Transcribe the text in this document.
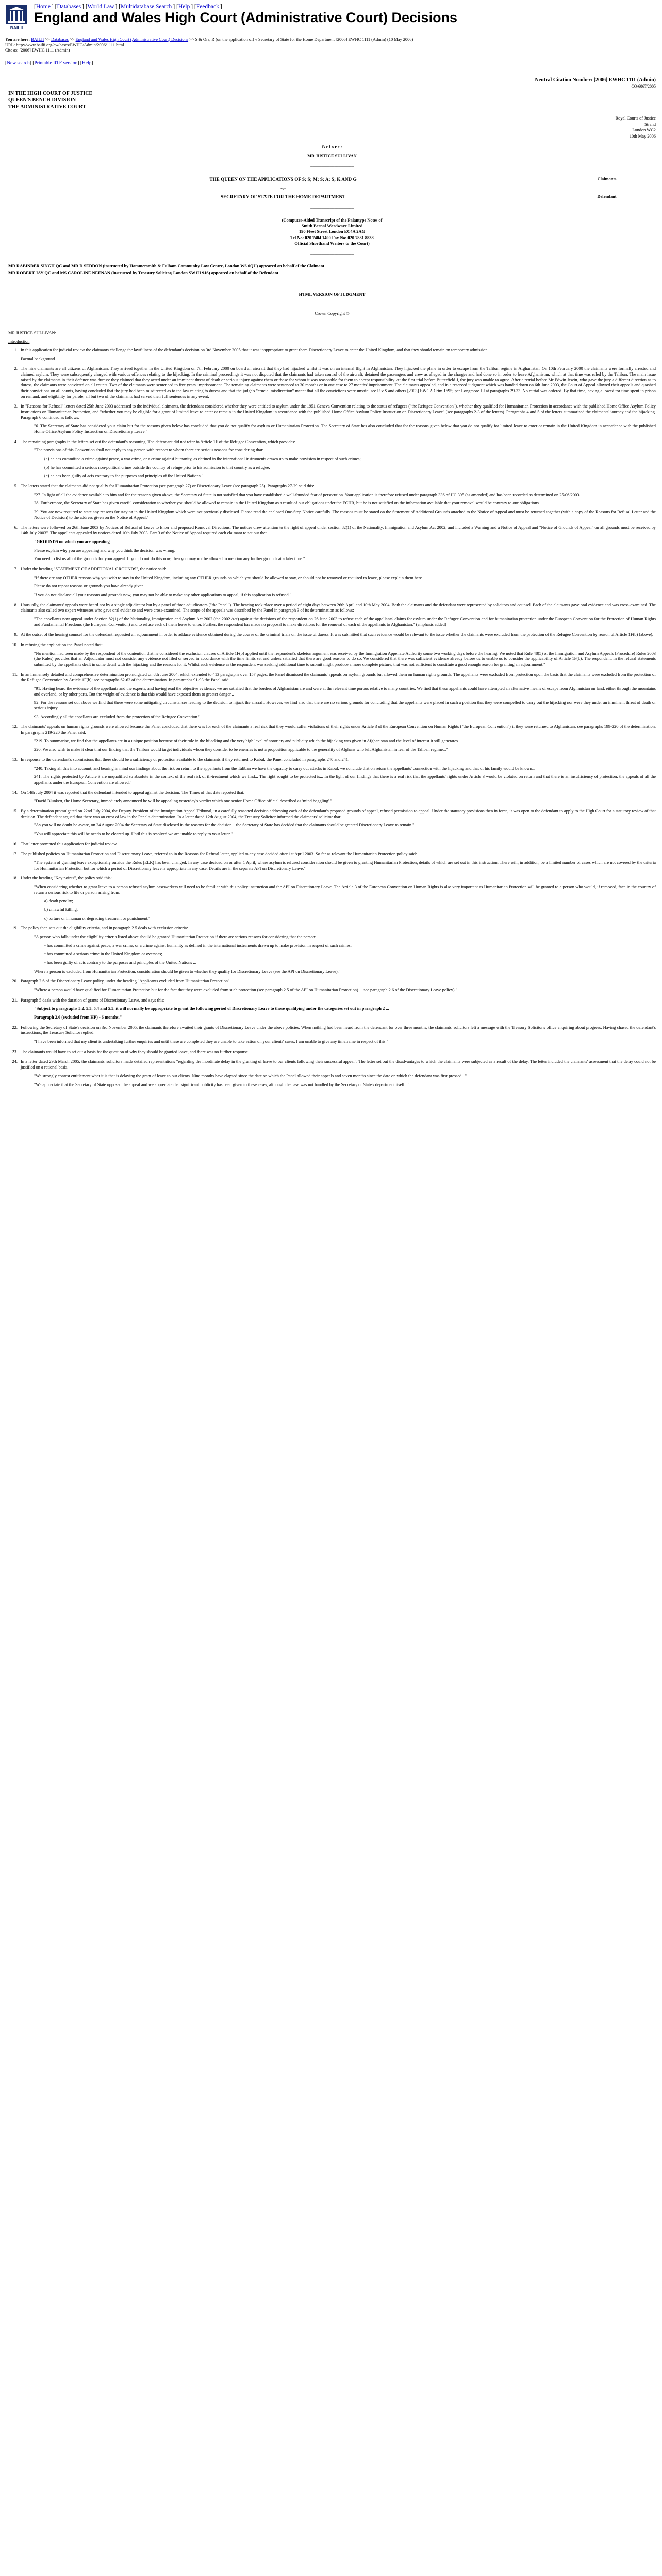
BAILII
[Home ] [Databases ] [World Law ] [Multidatabase Search ] [Help ] [Feedback ]
England and Wales High Court (Administrative Court) Decisions
You are here: BAILII >> Databases >> England and Wales High Court (Administrative Court) Decisions >> S & Ors, R (on the application of) v Secretary of State for the Home Department [2006] EWHC 1111 (Admin) (10 May 2006)
URL: http://www.bailii.org/ew/cases/EWHC/Admin/2006/1111.html
Cite as: [2006] EWHC 1111 (Admin)
[New search] [Printable RTF version] [Help]
Neutral Citation Number: [2006] EWHC 1111 (Admin)
CO/6067/2005
IN THE HIGH COURT OF JUSTICE
QUEEN'S BENCH DIVISION
THE ADMINISTRATIVE COURT
Royal Courts of Justice
Strand
London WC2
10th May 2006
B e f o r e :
MR JUSTICE SULLIVAN
____________________
THE QUEEN ON THE APPLICATIONS OF S; S; M; S; A; S; K AND G	Claimants
-v-
SECRETARY OF STATE FOR THE HOME DEPARTMENT	Defendant
____________________
(Computer-Aided Transcript of the Palantype Notes of
Smith Bernal Wordwave Limited
190 Fleet Street London EC4A 2AG
Tel No: 020 7404 1400 Fax No: 020 7831 8838
Official Shorthand Writers to the Court)
____________________
MR RABINDER SINGH QC and MR D SEDDON (instructed by Hammersmith & Fulham Community Law Centre, London W6 0QU) appeared on behalf of the Claimant
MR ROBERT JAY QC and MS CAROLINE NEENAN (instructed by Treasury Solicitor, London SW1H 9JS) appeared on behalf of the Defendant
____________________
HTML VERSION OF JUDGMENT
____________________
Crown Copyright ©
____________________

MR JUSTICE SULLIVAN:

Introduction

1. In this application for judicial review the claimants challenge the lawfulness of the defendant's decision on 3rd November 2005 that it was inappropriate to grant them Discretionary Leave to enter the United Kingdom, and that they should remain on temporary admission.

Factual background

2. The nine claimants are all citizens of Afghanistan. They arrived together in the United Kingdom on 7th February 2000 on board an aircraft that they had hijacked whilst it was on an internal flight in Afghanistan. They hijacked the plane in order to escape from the Taliban regime in Afghanistan. On 10th February 2000 the claimants were formally arrested and claimed asylum. They were subsequently charged with various offences relating to the hijacking. In the criminal proceedings it was not disputed that the claimants had taken control of the aircraft, detained the passengers and crew as alleged in the charges and had done so in order to leave Afghanistan, which at that time was ruled by the Taliban. The main issue raised by the claimants in their defence was duress: they claimed that they acted under an imminent threat of death or serious injury against them or those for whom it was reasonable for them to accept responsibility. At the first trial before Butterfield J, the jury was unable to agree. After a retrial before Mr Edwin Jewitt, who gave the jury a different direction as to duress, the claimants were convicted on all counts. Two of the claimants were sentenced to five years' imprisonment. The remaining claimants were sentenced to 30 months or in one case to 27 months' imprisonment. The claimants appealed, and in a reserved judgment which was handed down on 6th June 2003, the Court of Appeal allowed their appeals and quashed their convictions on all counts, having concluded that the jury had been misdirected as to the law relating to duress and that the judge's "crucial misdirection" meant that all the convictions were unsafe: see R v S and others [2003] EWCA Crim 1695; per Longmore LJ at paragraphs 29-33. No retrial was ordered. By that time, having allowed for time spent in prison on remand, and eligibility for parole, all but two of the claimants had served their full sentences in any event.
3. In "Reasons for Refusal" letters dated 25th June 2003 addressed to the individual claimants, the defendant considered whether they were entitled to asylum under the 1951 Geneva Convention relating to the status of refugees ("the Refugee Convention"), whether they qualified for Humanitarian Protection in accordance with the published Home Office Asylum Policy Instructions on Humanitarian Protection, and "whether you may be eligible for a grant of limited leave to enter or remain in the United Kingdom in accordance with the published Home Office Asylum Policy Instruction on Discretionary Leave" (see paragraphs 2-3 of the letters). Paragraphs 4 and 5 of the letters summarised the claimants' journey and the hijacking. Paragraph 6 continued as follows:
"6. The Secretary of State has considered your claim but for the reasons given below has concluded that you do not qualify for asylum or Humanitarian Protection. The Secretary of State has also concluded that for the reasons given below that you do not qualify for limited leave to enter or remain in the United Kingdom in accordance with the published Home Office Asylum Policy Instruction on Discretionary Leave."
4. The remaining paragraphs in the letters set out the defendant's reasoning. The defendant did not refer to Article 1F of the Refugee Convention, which provides:
"The provisions of this Convention shall not apply to any person with respect to whom there are serious reasons for considering that:
(a) he has committed a crime against peace, a war crime, or a crime against humanity, as defined in the international instruments drawn up to make provision in respect of such crimes;
(b) he has committed a serious non-political crime outside the country of refuge prior to his admission to that country as a refugee;
(c) he has been guilty of acts contrary to the purposes and principles of the United Nations."
5. The letters stated that the claimants did not qualify for Humanitarian Protection (see paragraph 27) or Discretionary Leave (see paragraph 25). Paragraphs 27-29 said this:
"27. In light of all the evidence available to him and for the reasons given above, the Secretary of State is not satisfied that you have established a well-founded fear of persecution. Your application is therefore refused under paragraph 336 of HC 395 (as amended) and has been recorded as determined on 25/06/2003.
28. Furthermore, the Secretary of State has given careful consideration to whether you should be allowed to remain in the United Kingdom as a result of our obligations under the ECHR, but he is not satisfied on the information available that your removal would be contrary to our obligations.
29. You are now required to state any reasons for staying in the United Kingdom which were not previously disclosed. Please read the enclosed One-Stop Notice carefully. The reasons must be stated on the Statement of Additional Grounds attached to the Notice of Appeal and must be returned together (with a copy of the Reasons for Refusal Letter and the Notice of Decision) to the address given on the Notice of Appeal."
6. The letters were followed on 26th June 2003 by Notices of Refusal of Leave to Enter and proposed Removal Directions. The notices drew attention to the right of appeal under section 82(1) of the Nationality, Immigration and Asylum Act 2002, and included a Warning and a Notice of Appeal and "Notice of Grounds of Appeal" on all grounds must be received by 14th July 2003". The appellants appealed by notices dated 10th July 2003. Part 3 of the Notice of Appeal required each claimant to set out the:
"GROUNDS on which you are appealing
Please explain why you are appealing and why you think the decision was wrong.
You need to list us all of the grounds for your appeal. If you do not do this now, then you may not be allowed to mention any further grounds at a later time."
7. Under the heading "STATEMENT OF ADDITIONAL GROUNDS", the notice said:
"If there are any OTHER reasons why you wish to stay in the United Kingdom, including any OTHER grounds on which you should be allowed to stay, or should not be removed or required to leave, please explain them here.
Please do not repeat reasons or grounds you have already given.
If you do not disclose all your reasons and grounds now, you may not be able to make any other applications to appeal, if this application is refused."
8. Unusually, the claimants' appeals were heard not by a single adjudicator but by a panel of three adjudicators ("the Panel"). The hearing took place over a period of eight days between 26th April and 10th May 2004. Both the claimants and the defendant were represented by solicitors and counsel. Each of the claimants gave oral evidence and was cross-examined. The claimants also called two expert witnesses who gave oral evidence and were cross-examined. The scope of the appeals was described by the Panel in paragraph 3 of its determination as follows:
"The appellants now appeal under Section 82(1) of the Nationality, Immigration and Asylum Act 2002 (the 2002 Act) against the decisions of the respondent on 26 June 2003 to refuse each of the appellants' claims for asylum under the Refugee Convention and for humanitarian protection under the European Convention for the Protection of Human Rights and Fundamental Freedoms (the European Convention) and to refuse each of them leave to enter. Further, the respondent has made no proposal to make directions for the removal of each of the appellants to Afghanistan." (emphasis added)
9. At the outset of the hearing counsel for the defendant requested an adjournment in order to adduce evidence obtained during the course of the criminal trials on the issue of duress. It was submitted that such evidence would be relevant to the issue whether the claimants were excluded from the protection of the Refugee Convention by reason of Article 1F(b) (above).
10. In refusing the application the Panel noted that:
"No mention had been made by the respondent of the contention that he considered the exclusion clauses of Article 1F(b) applied until the respondent's skeleton argument was received by the Immigration Appellate Authority some two working days before the hearing. We noted that Rule 48(5) of the Immigration and Asylum Appeals (Procedure) Rules 2003 (the Rules) provides that an Adjudicator must not consider any evidence not filed or served in accordance with the time limits set and unless satisfied that there are good reasons to do so. We considered that there was sufficient evidence already before us to enable us to consider the applicability of Article 1F(b). The respondent, in the refusal statements submitted by the appellants dealt in some detail with the hijacking and the reasons for it. Whilst such evidence as the respondent was seeking additional time to submit might produce a more complete picture, that was not sufficient to constitute a good enough reason for granting an adjournment."
11. In an immensely detailed and comprehensive determination promulgated on 8th June 2004, which extended to 413 paragraphs over 157 pages, the Panel dismissed the claimants' appeals on asylum grounds but allowed them on human rights grounds. The appellants were excluded from protection upon the basis that the claimants were excluded from the protection of the Refugee Convention by Article 1F(b): see paragraphs 62-63 of the determination. In paragraphs 91-93 the Panel said:
"91. Having heard the evidence of the appellants and the experts, and having read the objective evidence, we are satisfied that the borders of Afghanistan are and were at the relevant time porous relative to many countries. We find that these appellants could have attempted an alternative means of escape from Afghanistan on land, either through the mountains and overland, or by other parts. But the weight of evidence is that this would have exposed them to greater danger...
92. For the reasons set out above we find that there were some mitigating circumstances leading to the decision to hijack the aircraft. However, we find also that there are no serious grounds for concluding that the appellants were placed in such a position that they were compelled to carry out the hijacking nor were they under an imminent threat of death or serious injury...
93. Accordingly all the appellants are excluded from the protection of the Refugee Convention."
12. The claimants' appeals on human rights grounds were allowed because the Panel concluded that there was for each of the claimants a real risk that they would suffer violations of their rights under Article 3 of the European Convention on Human Rights ("the European Convention") if they were returned to Afghanistan: see paragraphs 199-220 of the determination. In paragraphs 219-220 the Panel said:
"219. To summarise, we find that the appellants are in a unique position because of their role in the hijacking and the very high level of notoriety and publicity which the hijacking was given in Afghanistan and the level of interest it still generates...
220. We also wish to make it clear that our finding that the Taliban would target individuals whom they consider to be enemies is not a proposition applicable to the generality of Afghans who left Afghanistan in fear of the Taliban regime..."
13. In response to the defendant's submissions that there should be a sufficiency of protection available to the claimants if they returned to Kabul, the Panel concluded in paragraphs 240 and 241:
"240. Taking all this into account, and bearing in mind our findings about the risk on return to the appellants from the Taliban we have the capacity to carry out attacks in Kabul, we conclude that on return the appellants' connection with the hijacking and that of his family would be known...
241. The rights protected by Article 3 are unqualified so absolute in the context of the real risk of ill-treatment which we find... The right sought to be protected is... In the light of our findings that there is a real risk that the appellants' rights under Article 3 would be violated on return and that there is an insufficiency of protection, the appeals of all the appellants under the European Convention are allowed."
14. On 14th July 2004 it was reported that the defendant intended to appeal against the decision. The Times of that date reported that:
"David Blunkett, the Home Secretary, immediately announced he will be appealing yesterday's verdict which one senior Home Office official described as 'mind boggling'."
15. By a determination promulgated on 22nd July 2004, the Deputy President of the Immigration Appeal Tribunal, in a carefully reasoned decision addressing each of the defendant's proposed grounds of appeal, refused permission to appeal. Under the statutory provisions then in force, it was open to the defendant to apply to the High Court for a statutory review of that decision. The defendant argued that there was an error of law in the Panel's determination. In a letter dated 12th August 2004, the Treasury Solicitor informed the claimants' solicitor that:
"As you will no doubt be aware, on 24 August 2004 the Secretary of State disclosed in the reasons for the decision... the Secretary of State has decided that the claimants should be granted Discretionary Leave to remain."
"You will appreciate this will be needs to be cleared up. Until this is resolved we are unable to reply to your letter."
16. That letter prompted this application for judicial review.
17. The published policies on Humanitarian Protection and Discretionary Leave, referred to in the Reasons for Refusal letter, applied to any case decided after 1st April 2003. So far as relevant the Humanitarian Protection policy said:
"The system of granting leave exceptionally outside the Rules (ELR) has been changed. In any case decided on or after 1 April, where asylum is refused consideration should be given to granting Humanitarian Protection, details of which are set out in this instruction. There will, in addition, be a limited number of cases which are not covered by the criteria for Humanitarian Protection but for which a period of Discretionary leave is appropriate in any case. Details are in the separate API on Discretionary Leave."
18. Under the heading "Key points", the policy said this:
"When considering whether to grant leave to a person refused asylum caseworkers will need to be familiar with this policy instruction and the API on Discretionary Leave. The Article 3 of the European Convention on Human Rights is also very important as Humanitarian Protection will be granted to a person who would, if removed, face in the country of return a serious risk to life or person arising from:
a) death penalty;
b) unlawful killing;
c) torture or inhuman or degrading treatment or punishment."
19. The policy then sets out the eligibility criteria, and in paragraph 2.5 deals with exclusion criteria:
"A person who falls under the eligibility criteria listed above should be granted Humanitarian Protection if there are serious reasons for considering that the person:
• has committed a crime against peace, a war crime, or a crime against humanity as defined in the international instruments drawn up to make provision in respect of such crimes;
• has committed a serious crime in the United Kingdom or overseas;
• has been guilty of acts contrary to the purposes and principles of the United Nations ...
Where a person is excluded from Humanitarian Protection, consideration should be given to whether they qualify for Discretionary Leave (see the API on Discretionary Leave)."
20. Paragraph 2.6 of the Discretionary Leave policy, under the heading "Applicants excluded from Humanitarian Protection":
"Where a person would have qualified for Humanitarian Protection but for the fact that they were excluded from such protection (see paragraph 2.5 of the API on Humanitarian Protection) ... see paragraph 2.6 of the Discretionary Leave policy)."
21. Paragraph 5 deals with the duration of grants of Discretionary Leave, and says this:
"Subject to paragraphs 5.2, 5.3, 5.4 and 5.5, it will normally be appropriate to grant the following period of Discretionary Leave to those qualifying under the categories set out in paragraph 2 ...
Paragraph 2.6 (excluded from HP) - 6 months."
22. Following the Secretary of State's decision on 3rd November 2005, the claimants therefore awaited their grants of Discretionary Leave under the above policies. When nothing had been heard from the defendant for over three months, the claimants' solicitors left a message with the Treasury Solicitor's office enquiring about progress. Having chased the defendant's instructions, the Treasury Solicitor replied:
"I have been informed that my client is undertaking further enquiries and until these are completed they are unable to take action on your clients' cases. I am unable to give any timeframe in respect of this."
23. The claimants would have to set out a basis for the question of why they should be granted leave, and there was no further response.
24. In a letter dated 29th March 2005, the claimants' solicitors made detailed representations "regarding the inordinate delay in the granting of leave to our clients following their successful appeal". The letter set out the disadvantages to which the claimants were subjected as a result of the delay. The letter included the claimants' assessment that the delay could not be justified on a rational basis.
"We strongly contest entitlement what it is that is delaying the grant of leave to our clients. Nine months have elapsed since the date on which the Panel allowed their appeals and seven months since the date on which the defendant was first pressed..."
"We appreciate that the Secretary of State opposed the appeal and we appreciate that significant publicity has been given to these cases, although the case was not handled by the Secretary of State's department itself..."
